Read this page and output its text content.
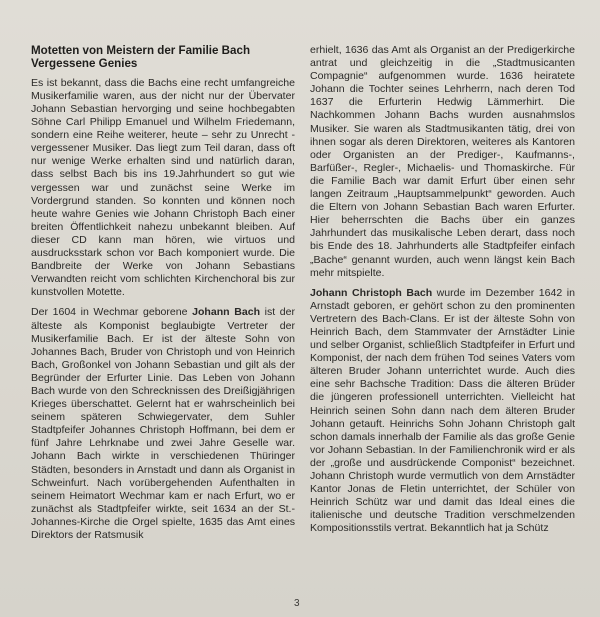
Motetten von Meistern der Familie Bach
Vergessene Genies

Es ist bekannt, dass die Bachs eine recht umfangreiche Musikerfamilie waren, aus der nicht nur der Übervater Johann Sebastian hervorging und seine hochbegabten Söhne Carl Philipp Emanuel und Wilhelm Friedemann, sondern eine Reihe weiterer, heute – sehr zu Unrecht - vergessener Musiker. Das liegt zum Teil daran, dass oft nur wenige Werke erhalten sind und natürlich daran, dass selbst Bach bis ins 19.Jahrhundert so gut wie vergessen war und zunächst seine Werke im Vordergrund standen. So konnten und können noch heute wahre Genies wie Johann Christoph Bach einer breiten Öffentlichkeit nahezu unbekannt bleiben. Auf dieser CD kann man hören, wie virtuos und ausdrucksstark schon vor Bach komponiert wurde. Die Bandbreite der Werke von Johann Sebastians Verwandten reicht vom schlichten Kirchenchoral bis zur kunstvollen Motette.

Der 1604 in Wechmar geborene Johann Bach ist der älteste als Komponist beglaubigte Vertreter der Musikerfamilie Bach. Er ist der älteste Sohn von Johannes Bach, Bruder von Christoph und von Heinrich Bach, Großonkel von Johann Sebastian und gilt als der Begründer der Erfurter Linie. Das Leben von Johann Bach wurde von den Schrecknissen des Dreißigjährigen Krieges überschattet. Gelernt hat er wahrscheinlich bei seinem späteren Schwiegervater, dem Suhler Stadtpfeifer Johannes Christoph Hoffmann, bei dem er fünf Jahre Lehrknabe und zwei Jahre Geselle war. Johann Bach wirkte in verschiedenen Thüringer Städten, besonders in Arnstadt und dann als Organist in Schweinfurt. Nach vorübergehenden Aufenthalten in seinem Heimatort Wechmar kam er nach Erfurt, wo er zunächst als Stadtpfeifer wirkte, seit 1634 an der St.-Johannes-Kirche die Orgel spielte, 1635 das Amt eines Direktors der Ratsmusik

erhielt, 1636 das Amt als Organist an der Predigerkirche antrat und gleichzeitig in die „Stadtmusicanten Compagnie“ aufgenommen wurde. 1636 heiratete Johann die Tochter seines Lehrherrn, nach deren Tod 1637 die Erfurterin Hedwig Lämmerhirt. Die Nachkommen Johann Bachs wurden ausnahmslos Musiker. Sie waren als Stadtmusikanten tätig, drei von ihnen sogar als deren Direktoren, weiteres als Kantoren oder Organisten an der Prediger-, Kaufmanns-, Barfüßer-, Regler-, Michaelis- und Thomaskirche. Für die Familie Bach war damit Erfurt über einen sehr langen Zeitraum „Hauptsammelpunkt“ geworden. Auch die Eltern von Johann Sebastian Bach waren Erfurter. Hier beherrschten die Bachs über ein ganzes Jahrhundert das musikalische Leben derart, dass noch bis Ende des 18. Jahrhunderts alle Stadtpfeifer einfach „Bache“ genannt wurden, auch wenn längst kein Bach mehr mitspielte.

Johann Christoph Bach wurde im Dezember 1642 in Arnstadt geboren, er gehört schon zu den prominenten Vertretern des Bach-Clans. Er ist der älteste Sohn von Heinrich Bach, dem Stammvater der Arnstädter Linie und selber Organist, schließlich Stadtpfeifer in Erfurt und Komponist, der nach dem frühen Tod seines Vaters vom älteren Bruder Johann unterrichtet wurde. Auch dies eine sehr Bachsche Tradition: Dass die älteren Brüder die jüngeren professionell unterrichten. Vielleicht hat Heinrich seinen Sohn dann nach dem älteren Bruder Johann getauft. Heinrichs Sohn Johann Christoph galt schon damals innerhalb der Familie als das große Genie vor Johann Sebastian. In der Familienchronik wird er als der „große und ausdrückende Componist“ bezeichnet. Johann Christoph wurde vermutlich von dem Arnstädter Kantor Jonas de Fletin unterrichtet, der Schüler von Heinrich Schütz war und damit das Ideal eines die italienische und deutsche Tradition verschmelzenden Kompositionsstils vertrat. Bekanntlich hat ja Schütz

3
